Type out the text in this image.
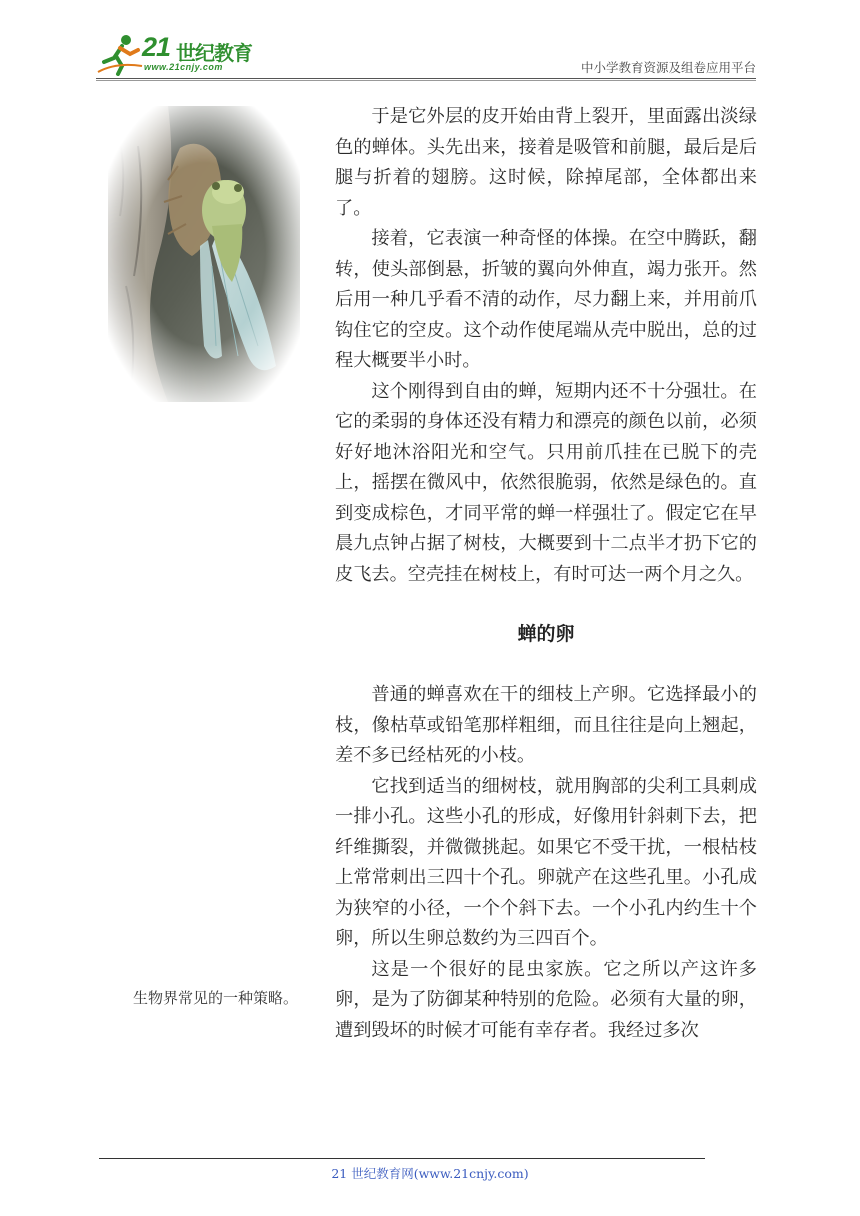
21 世纪教育
www.21cnjy.com	中小学教育资源及组卷应用平台

于是它外层的皮开始由背上裂开，里面露出淡绿色的蝉体。头先出来，接着是吸管和前腿，最后是后腿与折着的翅膀。这时候，除掉尾部，全体都出来了。

接着，它表演一种奇怪的体操。在空中腾跃，翻转，使头部倒悬，折皱的翼向外伸直，竭力张开。然后用一种几乎看不清的动作，尽力翻上来，并用前爪钩住它的空皮。这个动作使尾端从壳中脱出，总的过程大概要半小时。

这个刚得到自由的蝉，短期内还不十分强壮。在它的柔弱的身体还没有精力和漂亮的颜色以前，必须好好地沐浴阳光和空气。只用前爪挂在已脱下的壳上，摇摆在微风中，依然很脆弱，依然是绿色的。直到变成棕色，才同平常的蝉一样强壮了。假定它在早晨九点钟占据了树枝，大概要到十二点半才扔下它的皮飞去。空壳挂在树枝上，有时可达一两个月之久。

蝉的卵

普通的蝉喜欢在干的细枝上产卵。它选择最小的枝，像枯草或铅笔那样粗细，而且往往是向上翘起，差不多已经枯死的小枝。

它找到适当的细树枝，就用胸部的尖利工具刺成一排小孔。这些小孔的形成，好像用针斜刺下去，把纤维撕裂，并微微挑起。如果它不受干扰，一根枯枝上常常刺出三四十个孔。卵就产在这些孔里。小孔成为狭窄的小径，一个个斜下去。一个小孔内约生十个卵，所以生卵总数约为三四百个。

这是一个很好的昆虫家族。它之所以产这许多卵，是为了防御某种特别的危险。必须有大量的卵，遭到毁坏的时候才可能有幸存者。我经过多次

生物界常见的一种策略。
21 世纪教育网(www.21cnjy.com)
